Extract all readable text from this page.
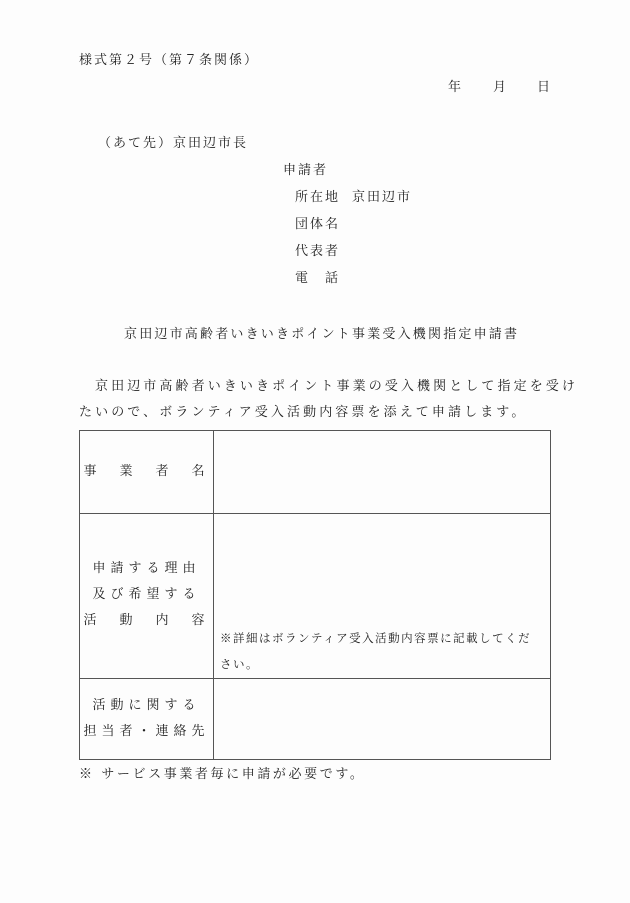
様式第２号（第７条関係）
年 月 日
（あて先）京田辺市長
申請者
所在地 京田辺市
団体名
代表者
電　話
京田辺市高齢者いきいきポイント事業受入機関指定申請書
京田辺市高齢者いきいきポイント事業の受入機関として指定を受け
たいので、ボランティア受入活動内容票を添えて申請します。
事　業　者　名
申請する理由
及び希望する
活　動　内　容
※詳細はボランティア受入活動内容票に記載してください。
活動に関する
担当者・連絡先
※ サービス事業者毎に申請が必要です。
